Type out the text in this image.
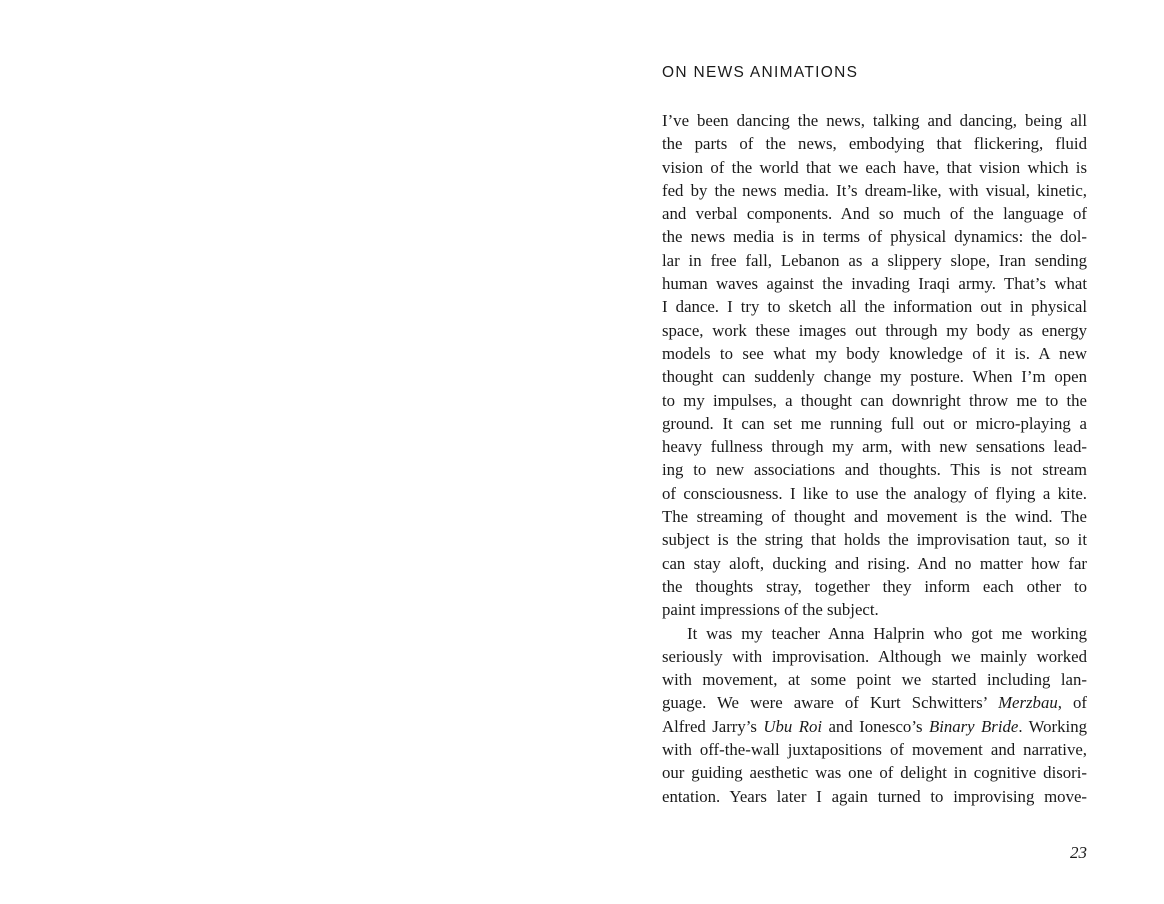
ON NEWS ANIMATIONS
I’ve been dancing the news, talking and dancing, being all
the parts of the news, embodying that flickering, fluid
vision of the world that we each have, that vision which is
fed by the news media. It’s dream-like, with visual, kinetic,
and verbal components. And so much of the language of
the news media is in terms of physical dynamics: the dol-
lar in free fall, Lebanon as a slippery slope, Iran sending
human waves against the invading Iraqi army. That’s what
I dance. I try to sketch all the information out in physical
space, work these images out through my body as energy
models to see what my body knowledge of it is. A new
thought can suddenly change my posture. When I’m open
to my impulses, a thought can downright throw me to the
ground. It can set me running full out or micro-playing a
heavy fullness through my arm, with new sensations lead-
ing to new associations and thoughts. This is not stream
of consciousness. I like to use the analogy of flying a kite.
The streaming of thought and movement is the wind. The
subject is the string that holds the improvisation taut, so it
can stay aloft, ducking and rising. And no matter how far
the thoughts stray, together they inform each other to
paint impressions of the subject.
It was my teacher Anna Halprin who got me working
seriously with improvisation. Although we mainly worked
with movement, at some point we started including lan-
guage. We were aware of Kurt Schwitters’ Merzbau, of
Alfred Jarry’s Ubu Roi and Ionesco’s Binary Bride. Working
with off-the-wall juxtapositions of movement and narrative,
our guiding aesthetic was one of delight in cognitive disori-
entation. Years later I again turned to improvising move-
23
